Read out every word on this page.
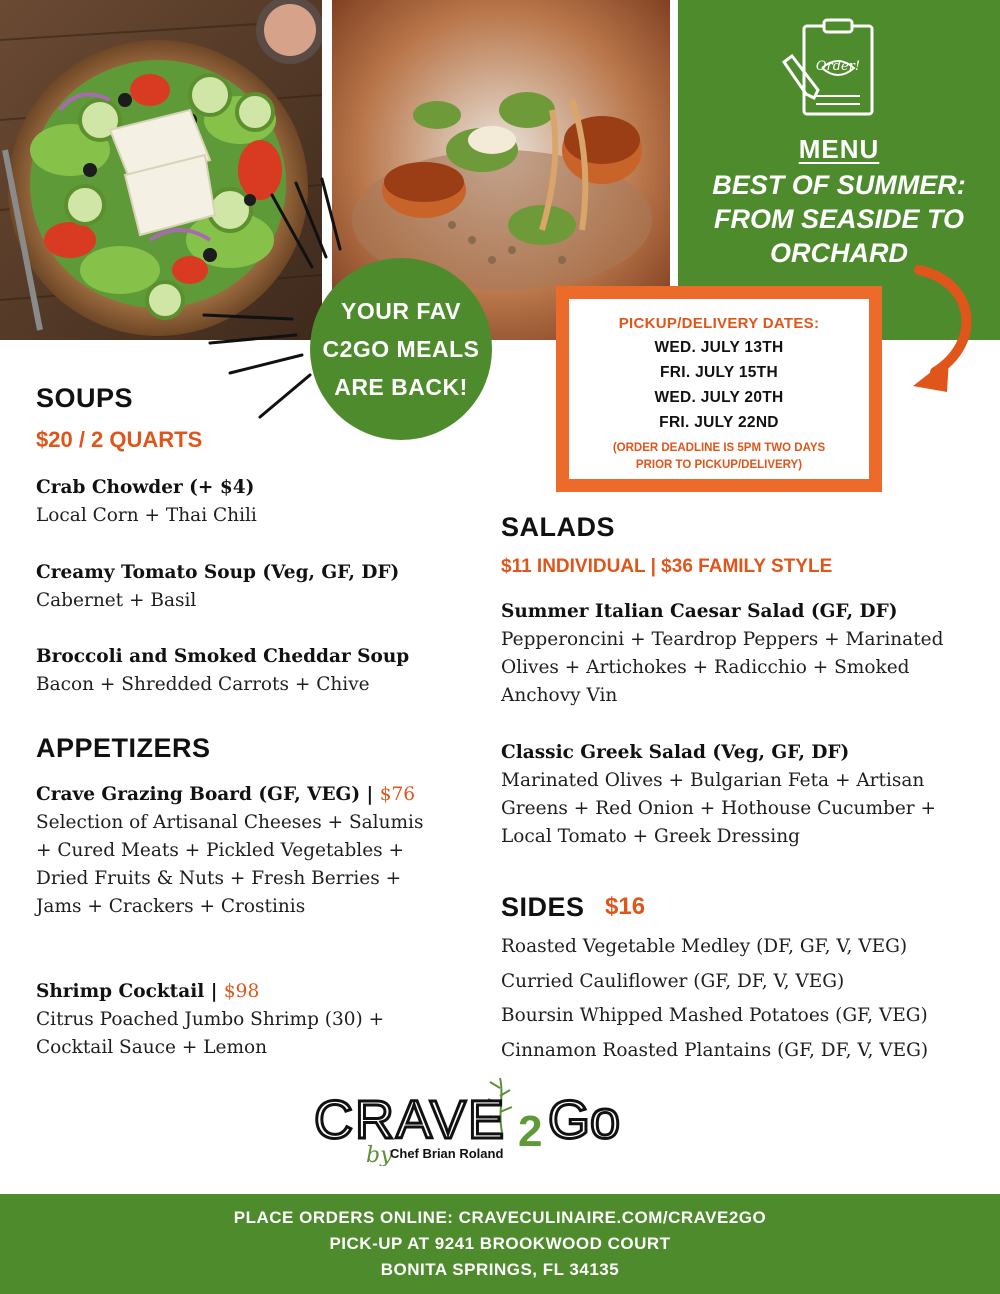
Order!
MENU
BEST OF SUMMER:
FROM SEASIDE TO ORCHARD
YOUR FAV
C2GO MEALS
ARE BACK!
PICKUP/DELIVERY DATES:
WED. JULY 13TH
FRI. JULY 15TH
WED. JULY 20TH
FRI. JULY 22ND
(ORDER DEADLINE IS 5PM TWO DAYS
PRIOR TO PICKUP/DELIVERY)
SOUPS
$20 / 2 QUARTS
Crab Chowder (+ $4)
Local Corn + Thai Chili
Creamy Tomato Soup (Veg, GF, DF)
Cabernet + Basil
Broccoli and Smoked Cheddar Soup
Bacon + Shredded Carrots + Chive
APPETIZERS
Crave Grazing Board (GF, VEG) | $76
Selection of Artisanal Cheeses + Salumis + Cured Meats + Pickled Vegetables + Dried Fruits & Nuts + Fresh Berries + Jams + Crackers + Crostinis
Shrimp Cocktail | $98
Citrus Poached Jumbo Shrimp (30) + Cocktail Sauce + Lemon
SALADS
$11 INDIVIDUAL | $36 FAMILY STYLE
Summer Italian Caesar Salad (GF, DF)
Pepperoncini + Teardrop Peppers + Marinated Olives + Artichokes + Radicchio + Smoked Anchovy Vin
Classic Greek Salad (Veg, GF, DF)
Marinated Olives + Bulgarian Feta + Artisan Greens + Red Onion + Hothouse Cucumber + Local Tomato + Greek Dressing
SIDES $16
Roasted Vegetable Medley (DF, GF, V, VEG)
Curried Cauliflower (GF, DF, V, VEG)
Boursin Whipped Mashed Potatoes (GF, VEG)
Cinnamon Roasted Plantains (GF, DF, V, VEG)
CRAVE 2 Go
by
Chef Brian Roland
PLACE ORDERS ONLINE: CRAVECULINAIRE.COM/CRAVE2GO
PICK-UP AT 9241 BROOKWOOD COURT
BONITA SPRINGS, FL 34135
